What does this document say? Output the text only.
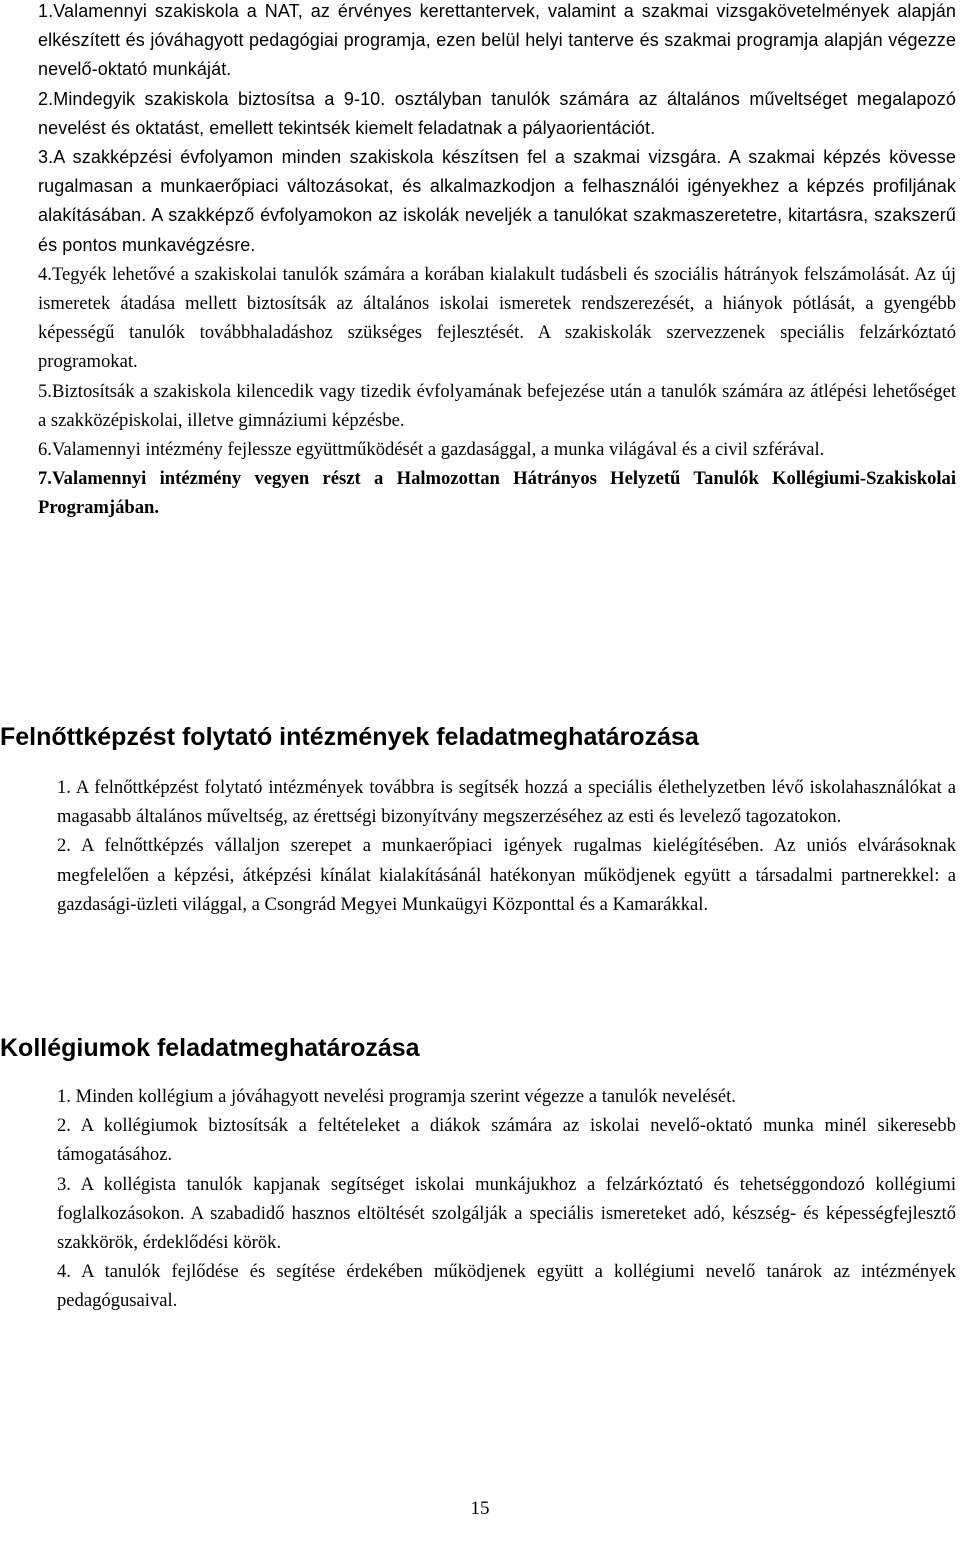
1.Valamennyi szakiskola a NAT, az érvényes kerettantervek, valamint a szakmai vizsgakövetelmények alapján elkészített és jóváhagyott pedagógiai programja, ezen belül helyi tanterve és szakmai programja alapján végezze nevelő-oktató munkáját.

2.Mindegyik szakiskola biztosítsa a 9-10. osztályban tanulók számára az általános műveltséget megalapozó nevelést és oktatást, emellett tekintsék kiemelt feladatnak a pályaorientációt.

3.A szakképzési évfolyamon minden szakiskola készítsen fel a szakmai vizsgára. A szakmai képzés kövesse rugalmasan a munkaerőpiaci változásokat, és alkalmazkodjon a felhasználói igényekhez a képzés profiljának alakításában. A szakképző évfolyamokon az iskolák neveljék a tanulókat szakmaszeretetre, kitartásra, szakszerű és pontos munkavégzésre.

4.Tegyék lehetővé a szakiskolai tanulók számára a korában kialakult tudásbeli és szociális hátrányok felszámolását. Az új ismeretek átadása mellett biztosítsák az általános iskolai ismeretek rendszerezését, a hiányok pótlását, a gyengébb képességű tanulók továbbhaladáshoz szükséges fejlesztését. A szakiskolák szervezzenek speciális felzárkóztató programokat.

5.Biztosítsák a szakiskola kilencedik vagy tizedik évfolyamának befejezése után a tanulók számára az átlépési lehetőséget a szakközépiskolai, illetve gimnáziumi képzésbe.

6.Valamennyi intézmény fejlessze együttműködését a gazdasággal, a munka világával és a civil szférával.

7.Valamennyi intézmény vegyen részt a Halmozottan Hátrányos Helyzetű Tanulók Kollégiumi-Szakiskolai Programjában.

Felnőttképzést folytató intézmények feladatmeghatározása

1. A felnőttképzést folytató intézmények továbbra is segítsék hozzá a speciális élethelyzetben lévő iskolahasználókat a magasabb általános műveltség, az érettségi bizonyítvány megszerzéséhez az esti és levelező tagozatokon.

2. A felnőttképzés vállaljon szerepet a munkaerőpiaci igények rugalmas kielégítésében. Az uniós elvárásoknak megfelelően a képzési, átképzési kínálat kialakításánál hatékonyan működjenek együtt a társadalmi partnerekkel: a gazdasági-üzleti világgal, a Csongrád Megyei Munkaügyi Központtal és a Kamarákkal.

Kollégiumok feladatmeghatározása

1. Minden kollégium a jóváhagyott nevelési programja szerint végezze a tanulók nevelését.

2. A kollégiumok biztosítsák a feltételeket a diákok számára az iskolai nevelő-oktató munka minél sikeresebb támogatásához.

3. A kollégista tanulók kapjanak segítséget iskolai munkájukhoz a felzárkóztató és tehetséggondozó kollégiumi foglalkozásokon. A szabadidő hasznos eltöltését szolgálják a speciális ismereteket adó, készség- és képességfejlesztő szakkörök, érdeklődési körök.

4. A tanulók fejlődése és segítése érdekében működjenek együtt a kollégiumi nevelő tanárok az intézmények pedagógusaival.

15
